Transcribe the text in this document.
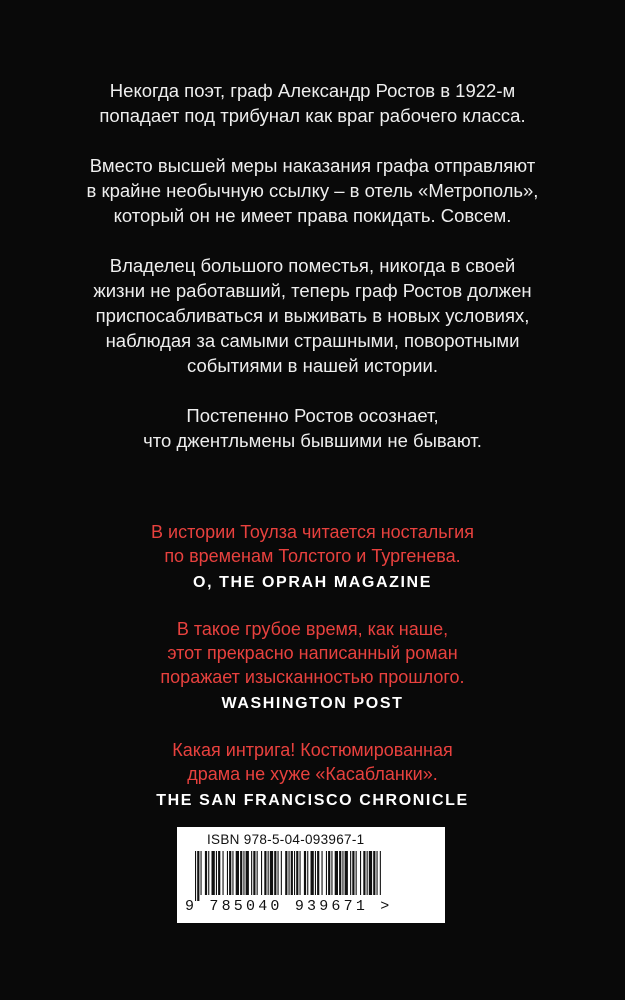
Некогда поэт, граф Александр Ростов в 1922-м
попадает под трибунал как враг рабочего класса.

Вместо высшей меры наказания графа отправляют
в крайне необычную ссылку – в отель «Метрополь»,
который он не имеет права покидать. Совсем.

Владелец большого поместья, никогда в своей
жизни не работавший, теперь граф Ростов должен
приспосабливаться и выживать в новых условиях,
наблюдая за самыми страшными, поворотными
событиями в нашей истории.

Постепенно Ростов осознает,
что джентльмены бывшими не бывают.

В истории Тоулза читается ностальгия
по временам Толстого и Тургенева.
O, THE OPRAH MAGAZINE
В такое грубое время, как наше,
этот прекрасно написанный роман
поражает изысканностью прошлого.
WASHINGTON POST
Какая интрига! Костюмированная
драма не хуже «Касабланки».
THE SAN FRANCISCO CHRONICLE
ISBN 978-5-04-093967-1
9 785040 939671 >
